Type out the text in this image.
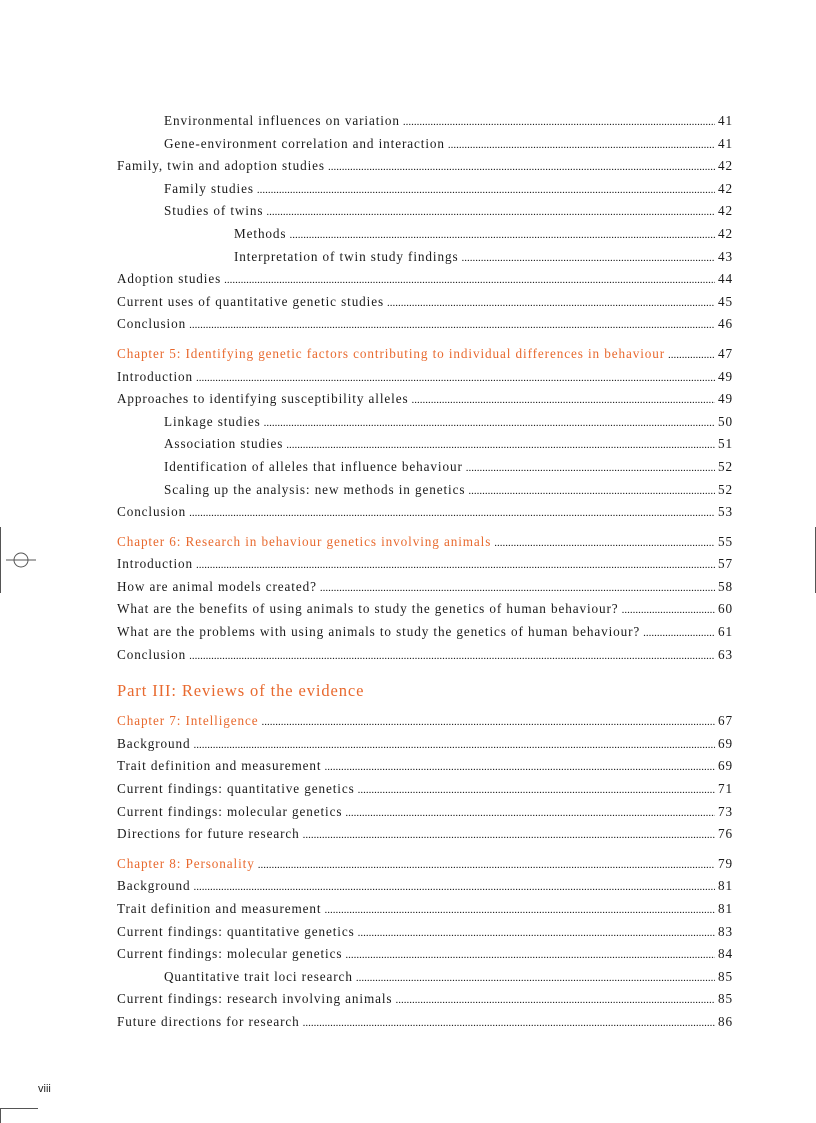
Environmental influences on variation .....	41
Gene-environment correlation and interaction .....	41
Family, twin and adoption studies .....	42
Family studies .....	42
Studies of twins .....	42
Methods .....	42
Interpretation of twin study findings .....	43
Adoption studies .....	44
Current uses of quantitative genetic studies .....	45
Conclusion .....	46
Chapter 5: Identifying genetic factors contributing to individual differences in behaviour .....	47
Introduction .....	49
Approaches to identifying susceptibility alleles .....	49
Linkage studies .....	50
Association studies .....	51
Identification of alleles that influence behaviour .....	52
Scaling up the analysis: new methods in genetics .....	52
Conclusion .....	53
Chapter 6: Research in behaviour genetics involving animals .....	55
Introduction .....	57
How are animal models created? .....	58
What are the benefits of using animals to study the genetics of human behaviour? .....	60
What are the problems with using animals to study the genetics of human behaviour? .....	61
Conclusion .....	63
Part III: Reviews of the evidence
Chapter 7: Intelligence .....	67
Background .....	69
Trait definition and measurement .....	69
Current findings: quantitative genetics .....	71
Current findings: molecular genetics .....	73
Directions for future research .....	76
Chapter 8: Personality .....	79
Background .....	81
Trait definition and measurement .....	81
Current findings: quantitative genetics .....	83
Current findings: molecular genetics .....	84
Quantitative trait loci research .....	85
Current findings: research involving animals .....	85
Future directions for research .....	86
viii
